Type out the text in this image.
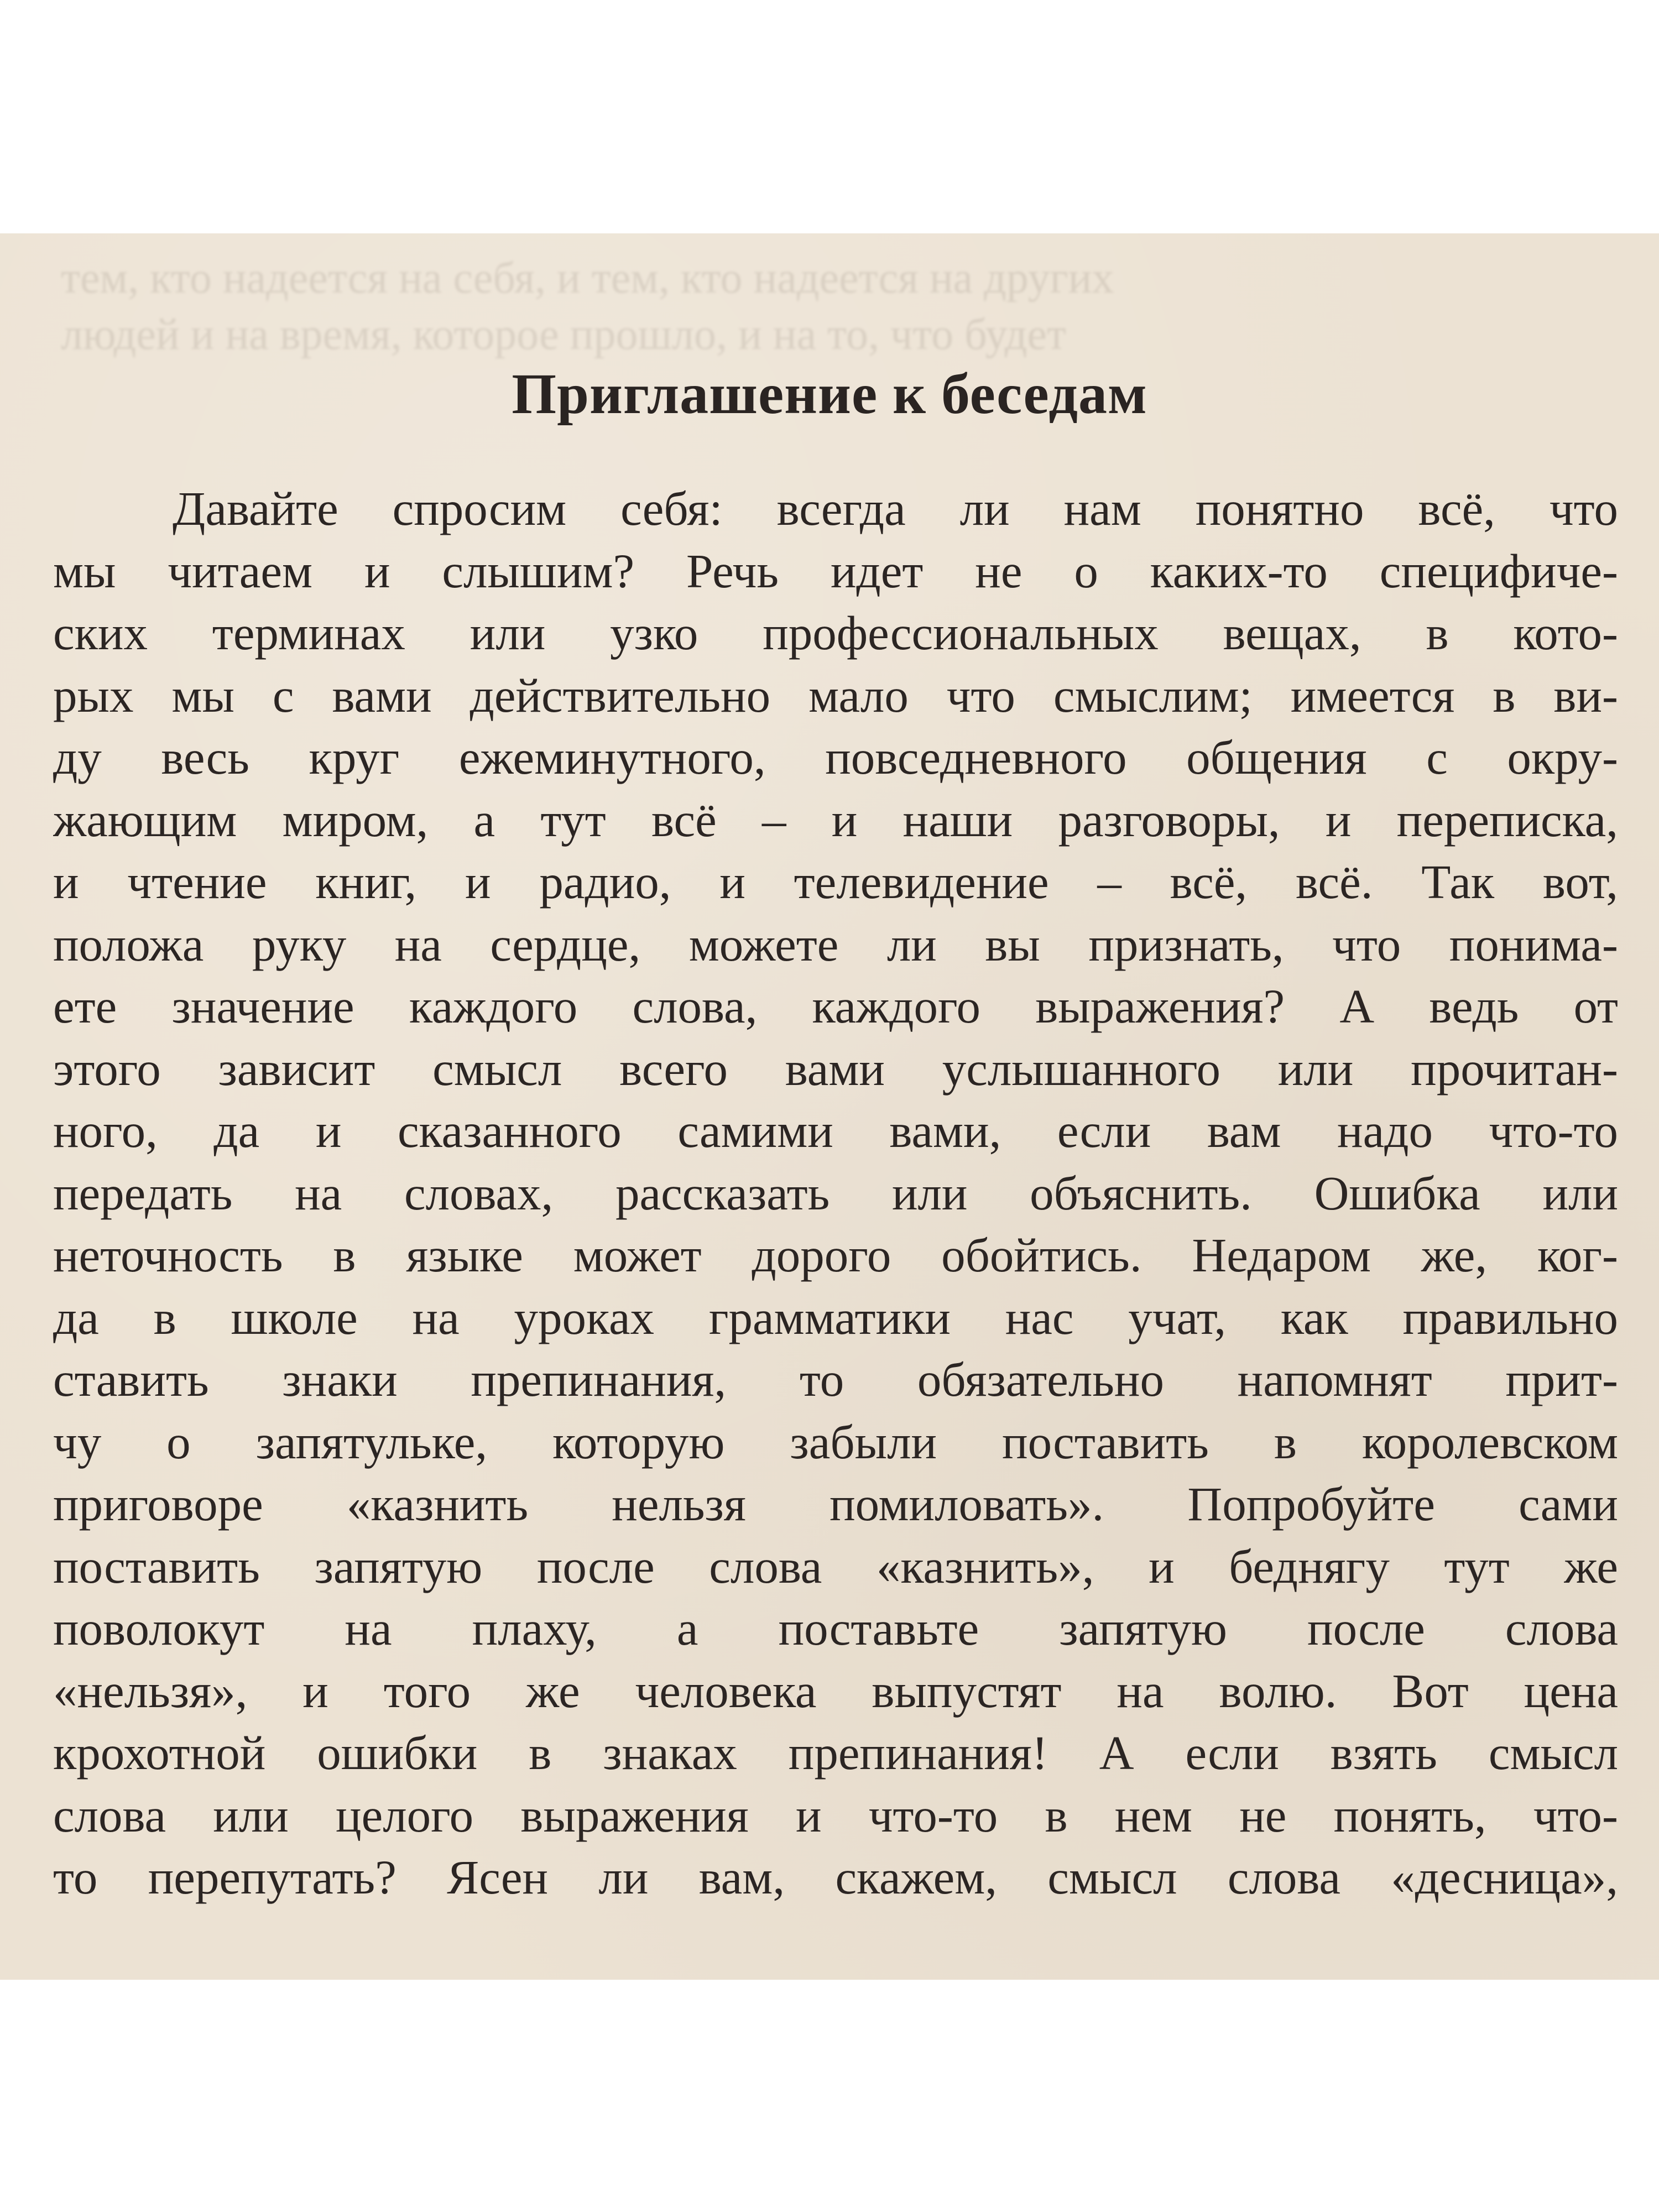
тем, кто надеется на себя, и тем, кто надеется на других
людей и на время, которое прошло, и на то, что будет
Приглашение к беседам
Давайте спросим себя: всегда ли нам понятно всё, что
мы читаем и слышим? Речь идет не о каких-то специфиче-
ских терминах или узко профессиональных вещах, в кото-
рых мы с вами действительно мало что смыслим; имеется в ви-
ду весь круг ежеминутного, повседневного общения с окру-
жающим миром, а тут всё – и наши разговоры, и переписка,
и чтение книг, и радио, и телевидение – всё, всё. Так вот,
положа руку на сердце, можете ли вы признать, что понима-
ете значение каждого слова, каждого выражения? А ведь от
этого зависит смысл всего вами услышанного или прочитан-
ного, да и сказанного самими вами, если вам надо что-то
передать на словах, рассказать или объяснить. Ошибка или
неточность в языке может дорого обойтись. Недаром же, ког-
да в школе на уроках грамматики нас учат, как правильно
ставить знаки препинания, то обязательно напомнят прит-
чу о запятульке, которую забыли поставить в королевском
приговоре «казнить нельзя помиловать». Попробуйте сами
поставить запятую после слова «казнить», и беднягу тут же
поволокут на плаху, а поставьте запятую после слова
«нельзя», и того же человека выпустят на волю. Вот цена
крохотной ошибки в знаках препинания! А если взять смысл
слова или целого выражения и что-то в нем не понять, что-
то перепутать? Ясен ли вам, скажем, смысл слова «десница»,
